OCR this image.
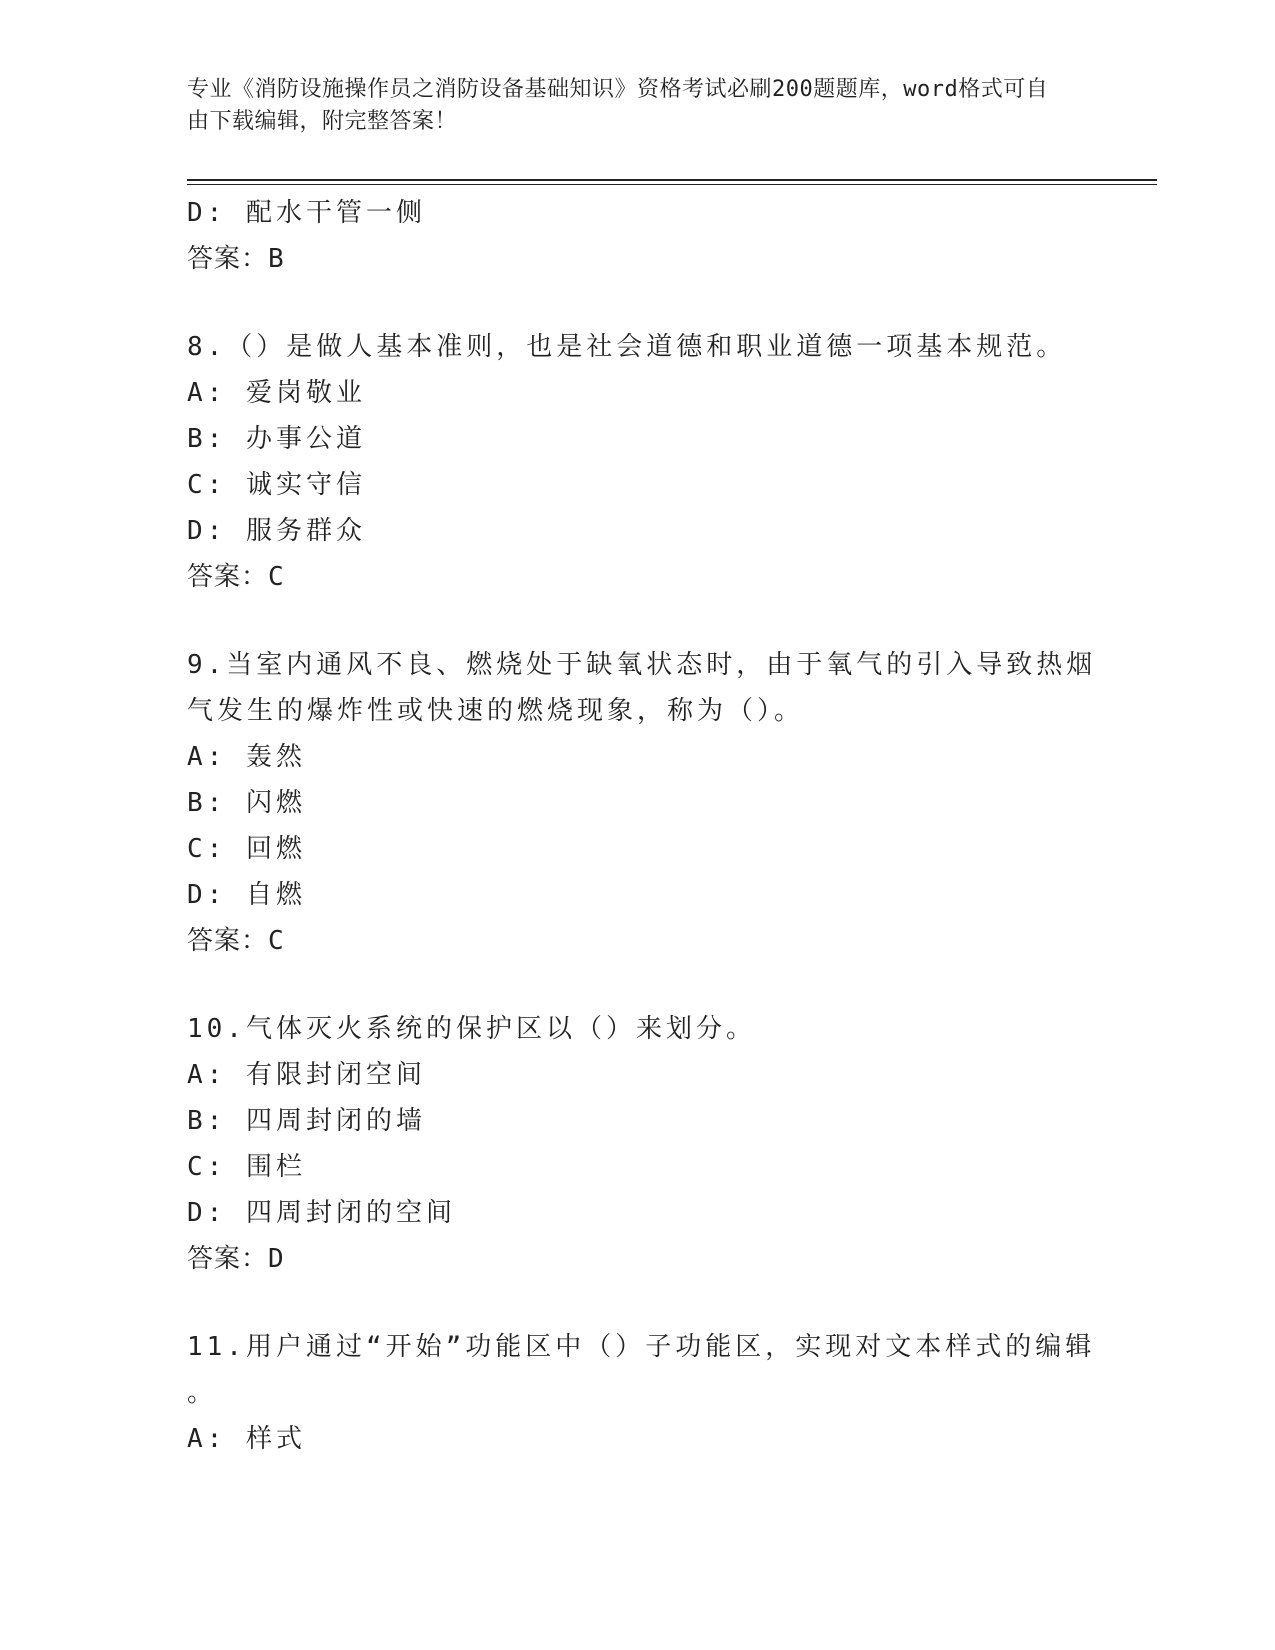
专业《消防设施操作员之消防设备基础知识》资格考试必刷200题题库，word格式可自由下载编辑，附完整答案！
D: 配水干管一侧
答案：B
8.（）是做人基本准则，也是社会道德和职业道德一项基本规范。
A: 爱岗敬业
B: 办事公道
C: 诚实守信
D: 服务群众
答案：C
9.当室内通风不良、燃烧处于缺氧状态时，由于氧气的引入导致热烟
气发生的爆炸性或快速的燃烧现象，称为（）。
A: 轰然
B: 闪燃
C: 回燃
D: 自燃
答案：C
10.气体灭火系统的保护区以（）来划分。
A: 有限封闭空间
B: 四周封闭的墙
C: 围栏
D: 四周封闭的空间
答案：D
11.用户通过“开始”功能区中（）子功能区，实现对文本样式的编辑
。
A: 样式
